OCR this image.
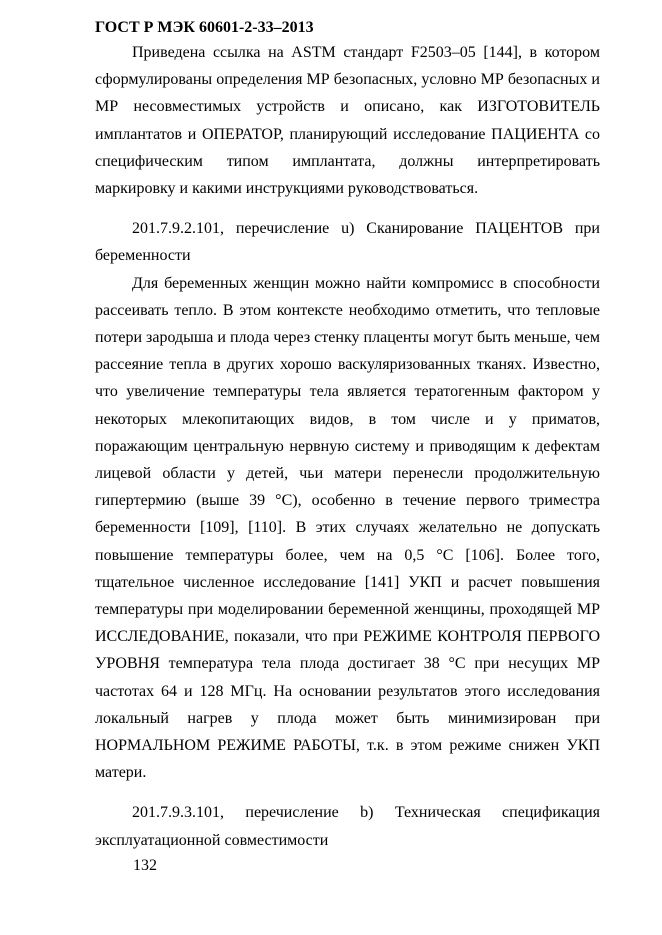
ГОСТ Р МЭК 60601-2-33–2013

Приведена ссылка на ASTM стандарт F2503–05 [144], в котором сформулированы определения МР безопасных, условно МР безопасных и МР несовместимых устройств и описано, как ИЗГОТОВИТЕЛЬ имплантатов и ОПЕРАТОР, планирующий исследование ПАЦИЕНТА со специфическим типом имплантата, должны интерпретировать маркировку и какими инструкциями руководствоваться.

201.7.9.2.101, перечисление u) Сканирование ПАЦЕНТОВ при беременности

Для беременных женщин можно найти компромисс в способности рассеивать тепло. В этом контексте необходимо отметить, что тепловые потери зародыша и плода через стенку плаценты могут быть меньше, чем рассеяние тепла в других хорошо васкуляризованных тканях. Известно, что увеличение температуры тела является тератогенным фактором у некоторых млекопитающих видов, в том числе и у приматов, поражающим центральную нервную систему и приводящим к дефектам лицевой области у детей, чьи матери перенесли продолжительную гипертермию (выше 39 °С), особенно в течение первого триместра беременности [109], [110]. В этих случаях желательно не допускать повышение температуры более, чем на 0,5 °С [106]. Более того, тщательное численное исследование [141] УКП и расчет повышения температуры при моделировании беременной женщины, проходящей МР ИССЛЕДОВАНИЕ, показали, что при РЕЖИМЕ КОНТРОЛЯ ПЕРВОГО УРОВНЯ температура тела плода достигает 38 °С при несущих МР частотах 64 и 128 МГц. На основании результатов этого исследования локальный нагрев у плода может быть минимизирован при НОРМАЛЬНОМ РЕЖИМЕ РАБОТЫ, т.к. в этом режиме снижен УКП матери.

201.7.9.3.101, перечисление b) Техническая спецификация эксплуатационной совместимости

132
